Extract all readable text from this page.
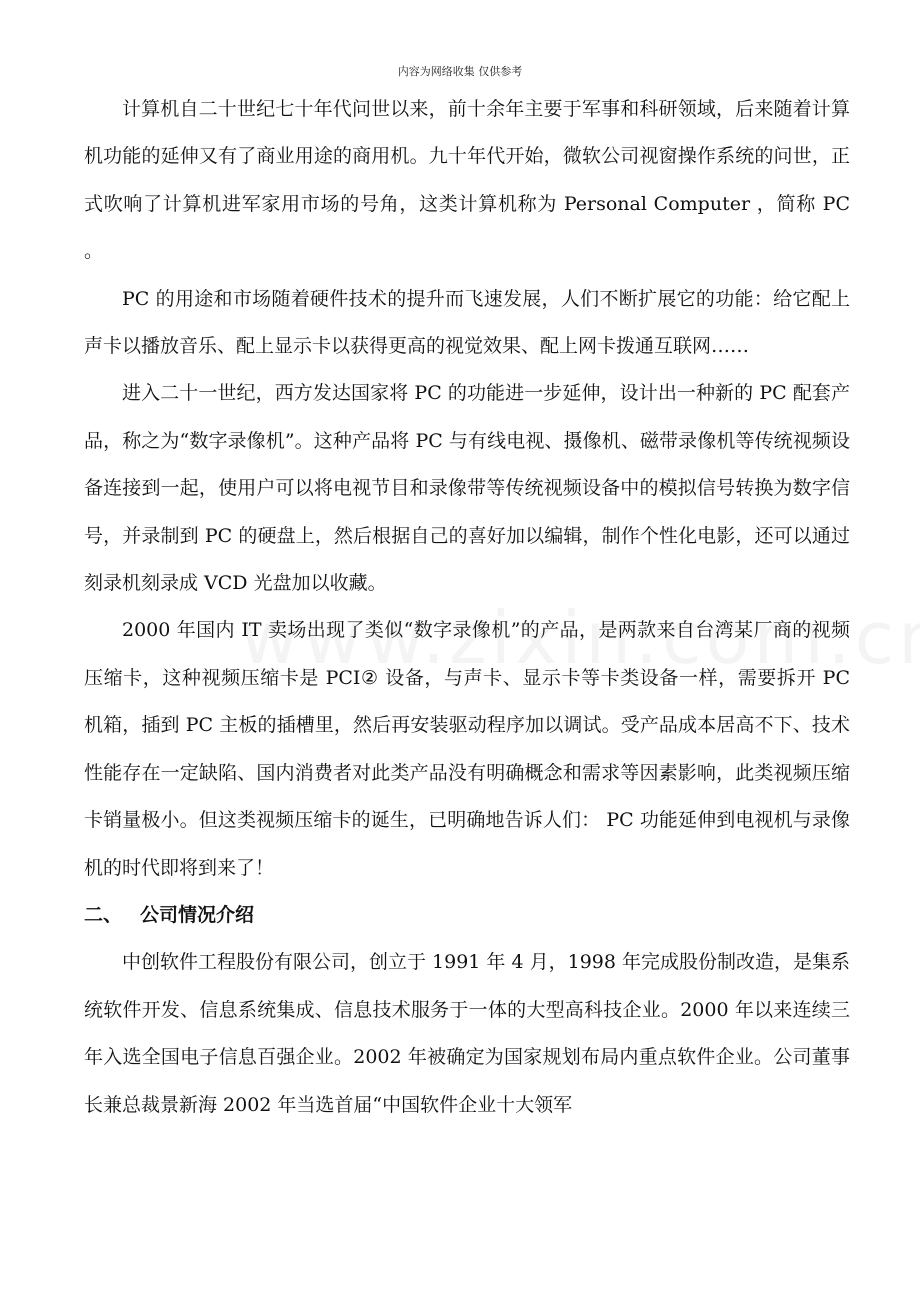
内容为网络收集 仅供参考

计算机自二十世纪七十年代问世以来，前十余年主要于军事和科研领域，后来随着计算机功能的延伸又有了商业用途的商用机。九十年代开始，微软公司视窗操作系统的问世，正式吹响了计算机进军家用市场的号角，这类计算机称为 Personal Computer ，简称 PC 。

PC 的用途和市场随着硬件技术的提升而飞速发展，人们不断扩展它的功能：给它配上声卡以播放音乐、配上显示卡以获得更高的视觉效果、配上网卡拨通互联网……

进入二十一世纪，西方发达国家将 PC 的功能进一步延伸，设计出一种新的 PC 配套产品，称之为“数字录像机”。这种产品将 PC 与有线电视、摄像机、磁带录像机等传统视频设备连接到一起，使用户可以将电视节目和录像带等传统视频设备中的模拟信号转换为数字信号，并录制到 PC 的硬盘上，然后根据自己的喜好加以编辑，制作个性化电影，还可以通过刻录机刻录成 VCD 光盘加以收藏。

2000 年国内 IT 卖场出现了类似“数字录像机”的产品，是两款来自台湾某厂商的视频压缩卡，这种视频压缩卡是 PCI② 设备，与声卡、显示卡等卡类设备一样，需要拆开 PC 机箱，插到 PC 主板的插槽里，然后再安装驱动程序加以调试。受产品成本居高不下、技术性能存在一定缺陷、国内消费者对此类产品没有明确概念和需求等因素影响，此类视频压缩卡销量极小。但这类视频压缩卡的诞生，已明确地告诉人们： PC 功能延伸到电视机与录像机的时代即将到来了！

二、 公司情况介绍

中创软件工程股份有限公司，创立于 1991 年 4 月，1998 年完成股份制改造，是集系统软件开发、信息系统集成、信息技术服务于一体的大型高科技企业。2000 年以来连续三年入选全国电子信息百强企业。2002 年被确定为国家规划布局内重点软件企业。公司董事长兼总裁景新海 2002 年当选首届“中国软件企业十大领军
